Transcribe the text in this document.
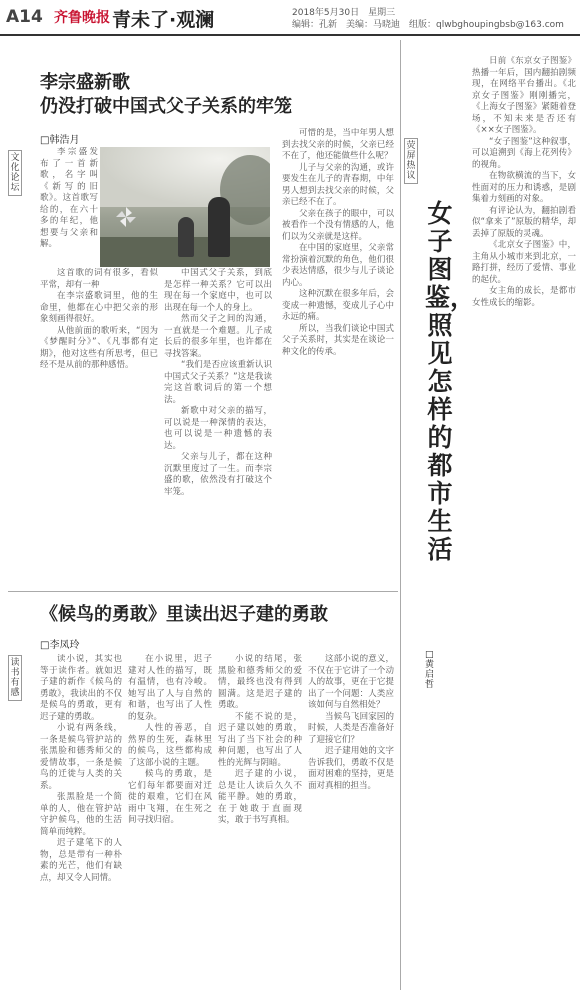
A14 齐鲁晚报 青未了·观澜	2018年5月30日　星期三
编辑：孔新　美编：马晓迪　组版：qlwbghoupingbsb@163.com
李宗盛新歌
仍没打破中国式父子关系的牢笼
□韩浩月
文化论坛

李宗盛发布了一首新歌，名字叫《新写的旧歌》。这首歌写给的，在六十多的年纪，他想要与父亲和解。

这首歌的词有很多，看似平常，却有一种

在李宗盛歌词里，他的生命里，他都在心中把父亲的形象刻画得很好。

从他前面的歌听来，“因为《梦醒时分》”、《凡事都有定期》，他对这些有所思考，但已经不是从前的那种感悟。

中国式父子关系，到底是怎样一种关系？它可以出现在每一个家庭中，也可以出现在每一个人的身上。

然而父子之间的沟通，一直就是一个难题。儿子成长后的很多年里，也许都在寻找答案。

“我们是否应该重新认识中国式父子关系？”这是我读完这首歌词后的第一个想法。

新歌中对父亲的描写，可以说是一种深情的表达，也可以说是一种遗憾的表达。

父亲与儿子，都在这种沉默里度过了一生。而李宗盛的歌，依然没有打破这个牢笼。

可惜的是，当中年男人想到去找父亲的时候，父亲已经不在了，他还能做些什么呢？

儿子与父亲的沟通，或许要发生在儿子的青春期，中年男人想到去找父亲的时候，父亲已经不在了。

父亲在孩子的眼中，可以被看作一个没有情感的人，他们以为父亲就是这样。

在中国的家庭里，父亲常常扮演着沉默的角色，他们很少表达情感，很少与儿子谈论内心。

这种沉默在很多年后，会变成一种遗憾，变成儿子心中永远的痛。

所以，当我们谈论中国式父子关系时，其实是在谈论一种文化的传承。

《候鸟的勇敢》里读出迟子建的勇敢
□李凤玲
读书有感

读小说，其实也等于读作者。就如迟子建的新作《候鸟的勇敢》，我读出的不仅是候鸟的勇敢，更有迟子建的勇敢。

小说有两条线，一条是候鸟管护站的张黑脸和德秀师父的爱情故事，一条是候鸟的迁徙与人类的关系。

张黑脸是一个简单的人，他在管护站守护候鸟，他的生活简单而纯粹。

迟子建笔下的人物，总是带有一种朴素的光芒，他们有缺点，却又令人同情。

在小说里，迟子建对人性的描写，既有温情，也有冷峻。她写出了人与自然的和谐，也写出了人性的复杂。

人性的善恶，自然界的生死，森林里的候鸟，这些都构成了这部小说的主题。

候鸟的勇敢，是它们每年都要面对迁徙的艰难，它们在风雨中飞翔，在生死之间寻找归宿。

小说的结尾，张黑脸和德秀师父的爱情，最终也没有得到圆满。这是迟子建的勇敢。

不能不说的是，迟子建以她的勇敢，写出了当下社会的种种问题，也写出了人性的光辉与阴暗。

迟子建的小说，总是让人读后久久不能平静。她的勇敢，在于她敢于直面现实，敢于书写真相。

这部小说的意义，不仅在于它讲了一个动人的故事，更在于它提出了一个问题：人类应该如何与自然相处？

当候鸟飞回家园的时候，人类是否准备好了迎接它们？

迟子建用她的文字告诉我们，勇敢不仅是面对困难的坚持，更是面对真相的担当。

荧屏热议
女子图鉴，照见怎样的都市生活
□黄启哲

日前《东京女子图鉴》热播一年后，国内翻拍剧频现，在网络平台播出。《北京女子图鉴》刚刚播完，《上海女子图鉴》紧随着登场，不知未来是否还有《××女子图鉴》。

“女子图鉴”这种叙事，可以追溯到《海上花列传》的视角。

在物欲横流的当下，女性面对的压力和诱惑，是剧集着力刻画的对象。

有评论认为，翻拍剧看似“拿来了”原版的精华，却丢掉了原版的灵魂。

《北京女子图鉴》中，主角从小城市来到北京，一路打拼，经历了爱情、事业的起伏。

女主角的成长，是都市女性成长的缩影。
